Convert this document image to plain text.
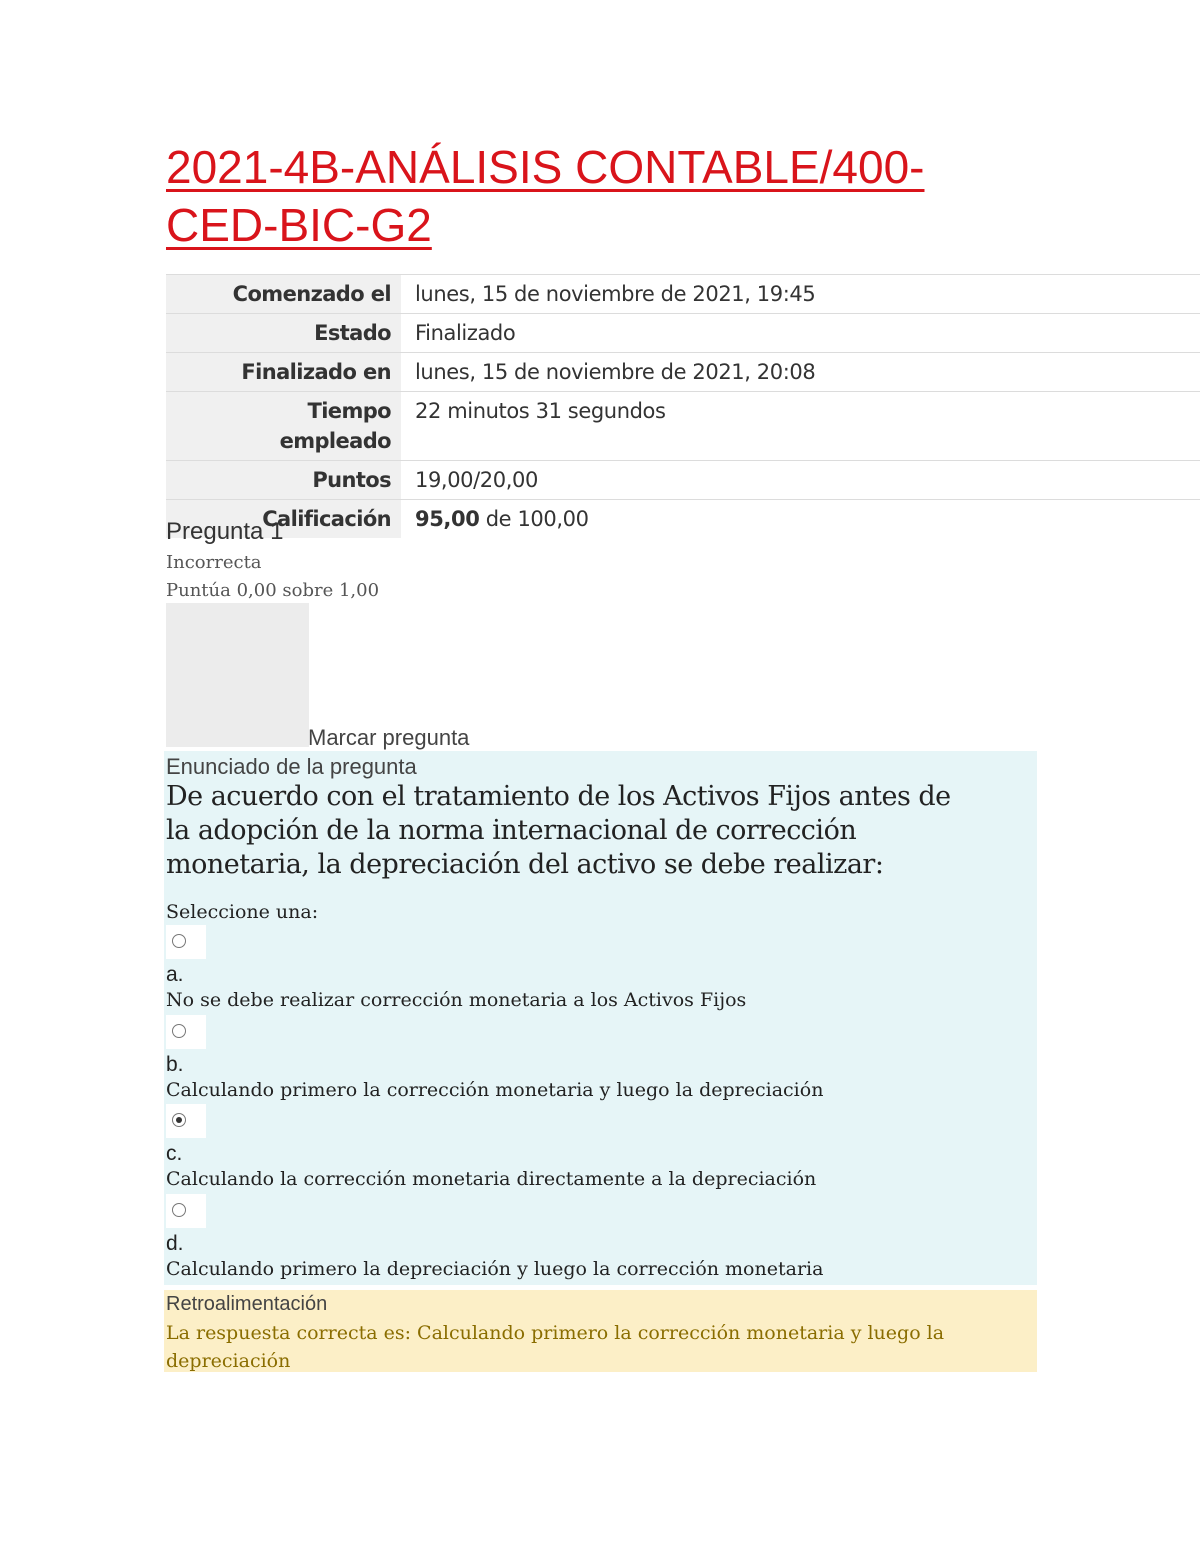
2021-4B-ANÁLISIS CONTABLE/400-CED-BIC-G2
Comenzado el	lunes, 15 de noviembre de 2021, 19:45
Estado	Finalizado
Finalizado en	lunes, 15 de noviembre de 2021, 20:08
Tiempo empleado	22 minutos 31 segundos
Puntos	19,00/20,00
Calificación	95,00 de 100,00
Pregunta 1
Incorrecta
Puntúa 0,00 sobre 1,00
Marcar pregunta
Enunciado de la pregunta

De acuerdo con el tratamiento de los Activos Fijos antes de la adopción de la norma internacional de corrección monetaria, la depreciación del activo se debe realizar:

Seleccione una:
a.
No se debe realizar corrección monetaria a los Activos Fijos
b.
Calculando primero la corrección monetaria y luego la depreciación
c.
Calculando la corrección monetaria directamente a la depreciación
d.
Calculando primero la depreciación y luego la corrección monetaria
Retroalimentación

La respuesta correcta es: Calculando primero la corrección monetaria y luego la depreciación
